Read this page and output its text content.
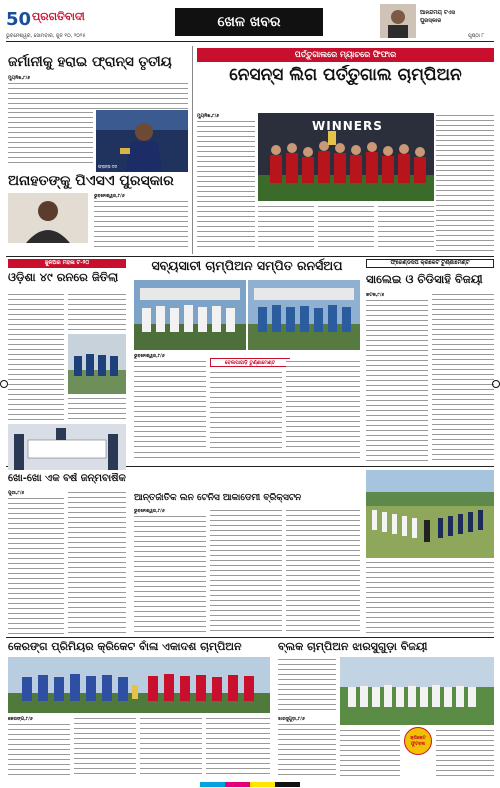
50 ପ୍ରଗତିବାଦୀ
ଭୁବନେଶ୍ୱର, ସୋମବାର, ଜୁନ ୧୦, ୨୦୨୫
ଖେଳ ଖବର
ଆନନ୍ଦମୟ ଟିଏସ
ପୁରସ୍କାର
ପୃଷ୍ଠା ୮
ଜର୍ମାନୀକୁ ହରାଇ ଫ୍ରାନ୍ସ ତୃତୀୟ
ମ୍ୟୁନିଖ,୮/୬
ଫ୍ରାନ୍ସ ଦଳ
ଅନାହତଙ୍କୁ ପିଏସଏ ପୁରସ୍କାର
ଭୁବନେଶ୍ୱର,୮/୬
ପର୍ତ୍ତୁଗାଲରେ ମ୍ୟାଚରେ ଫିଫାର
ନେସନ୍ସ ଲିଗ ପର୍ତ୍ତୁଗାଲ ଚାମ୍ପିଅନ
ମ୍ୟୁନିଖ,୮/୬
WINNERS
ଜୁନିଅର ମହିଳା ଟି-୨୦
ଓଡ଼ିଶା ୪୯ ରନରେ ଜିତିଲା
ସବ୍ୟସାଚୀ ଚାମ୍ପିଅନ ସମ୍ପିତ ରନର୍ସଅପ
ଭୁବନେଶ୍ୱର,୮/୬
ବେଲପାହାଡ଼ି ଟୁର୍ଣ୍ଣାମେଣ୍ଟ
ଫ୍ରେଣ୍ଡସିପ କ୍ରିକେଟ ଟୁର୍ଣ୍ଣାମେଣ୍ଟ
ସାଲେଇ ଓ ଚିଡିସାହି ବିଜୟୀ
କଟକ,୮/୬
ଖୋ-ଖୋ ଏକ ବର୍ଷ ଜନ୍ମବାର୍ଷିକ
ପୁରୀ,୮/୬	ଆନ୍ତର୍ଜାତିକ ଲନ ଟେନିସ ଆକାଡେମୀ ବ୍ରିକ୍ସଟନ
ଭୁବନେଶ୍ୱର,୮/୬
କେରଙ୍ଗ ପ୍ରିମିୟର କ୍ରିକେଟ ବାଁଳା ଏକାଦଶ ଚାମ୍ପିଅନ
କେରଙ୍ଗ,୮/୬
ବ୍ଲକ ଚାମ୍ପିଅନ ଝାରସୁଗୁଡ଼ା ବିଜୟୀ
ଝାରସୁଗୁଡ଼ା,୮/୬
କ୍ରିକେଟ
ଫୁଟବଲ
